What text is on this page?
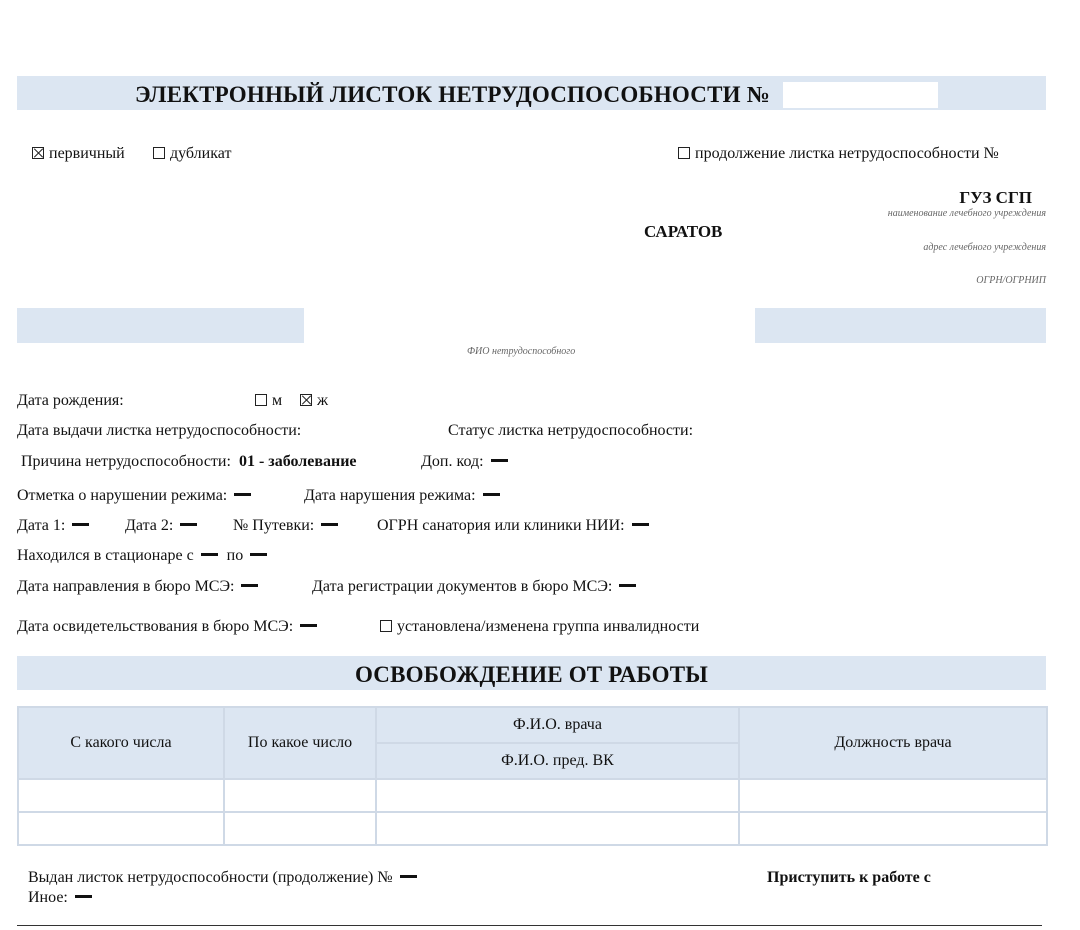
ЭЛЕКТРОННЫЙ ЛИСТОК НЕТРУДОСПОСОБНОСТИ №
первичный	дубликат	продолжение листка нетрудоспособности №
ГУЗ СГП
наименование лечебного учреждения
САРАТОВ
адрес лечебного учреждения
ОГРН/ОГРНИП
ФИО нетрудоспособного
Дата рождения:	м	ж
Дата выдачи листка нетрудоспособности:	Статус листка нетрудоспособности:
Причина нетрудоспособности: 01 - заболевание	Доп. код:
Отметка о нарушении режима:	Дата нарушения режима:
Дата 1:	Дата 2:	№ Путевки:	ОГРН санатория или клиники НИИ:
Находился в стационаре с по
Дата направления в бюро МСЭ:	Дата регистрации документов в бюро МСЭ:
Дата освидетельствования в бюро МСЭ:	установлена/изменена группа инвалидности
ОСВОБОЖДЕНИЕ ОТ РАБОТЫ
С какого числа	По какое число	Ф.И.О. врача	Должность врача
		Ф.И.О. пред. ВК	

Выдан листок нетрудоспособности (продолжение) №
Иное:
Приступить к работе с
